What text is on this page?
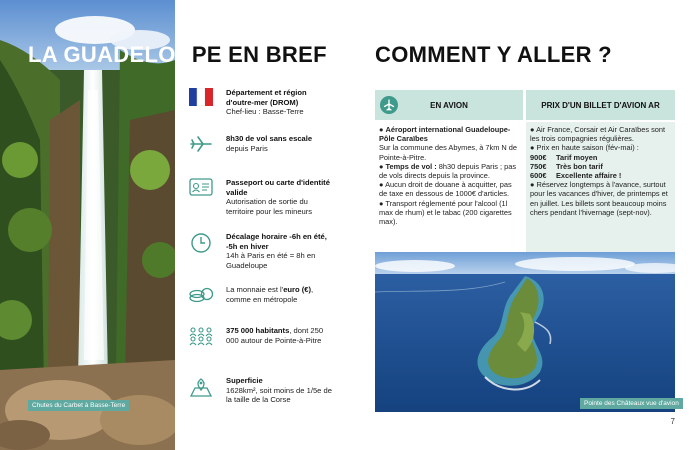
Chutes du Carbet à Basse-Terre
LA GUADELOUPE EN BREF COMMENT Y ALLER ?
Département et région d'outre-mer (DROM)
Chef-lieu : Basse-Terre
8h30 de vol sans escale
depuis Paris
Passeport ou carte d'identité valide
Autorisation de sortie du territoire pour les mineurs
Décalage horaire -6h en été, -5h en hiver
14h à Paris en été = 8h en Guadeloupe
La monnaie est l'euro (€), comme en métropole
375 000 habitants, dont 250 000 autour de Pointe-à-Pitre
Superficie
1628km², soit moins de 1/5e de la taille de la Corse
EN AVION	PRIX D'UN BILLET D'AVION AR
● Aéroport international Guadeloupe-Pôle Caraïbes
Sur la commune des Abymes, à 7km N de Pointe-à-Pitre.
● Temps de vol : 8h30 depuis Paris ; pas de vols directs depuis la province.
● Aucun droit de douane à acquitter, pas de taxe en dessous de 1000€ d'articles.
● Transport réglementé pour l'alcool (1l max de rhum) et le tabac (200 cigarettes max).
● Air France, Corsair et Air Caraïbes sont les trois compagnies régulières.
● Prix en haute saison (fév-mai) :
900€	Tarif moyen
750€	Très bon tarif
600€	Excellente affaire !
● Réservez longtemps à l'avance, surtout pour les vacances d'hiver, de printemps et en juillet. Les billets sont beaucoup moins chers pendant l'hivernage (sept-nov).
Pointe des Châteaux vue d'avion
7
